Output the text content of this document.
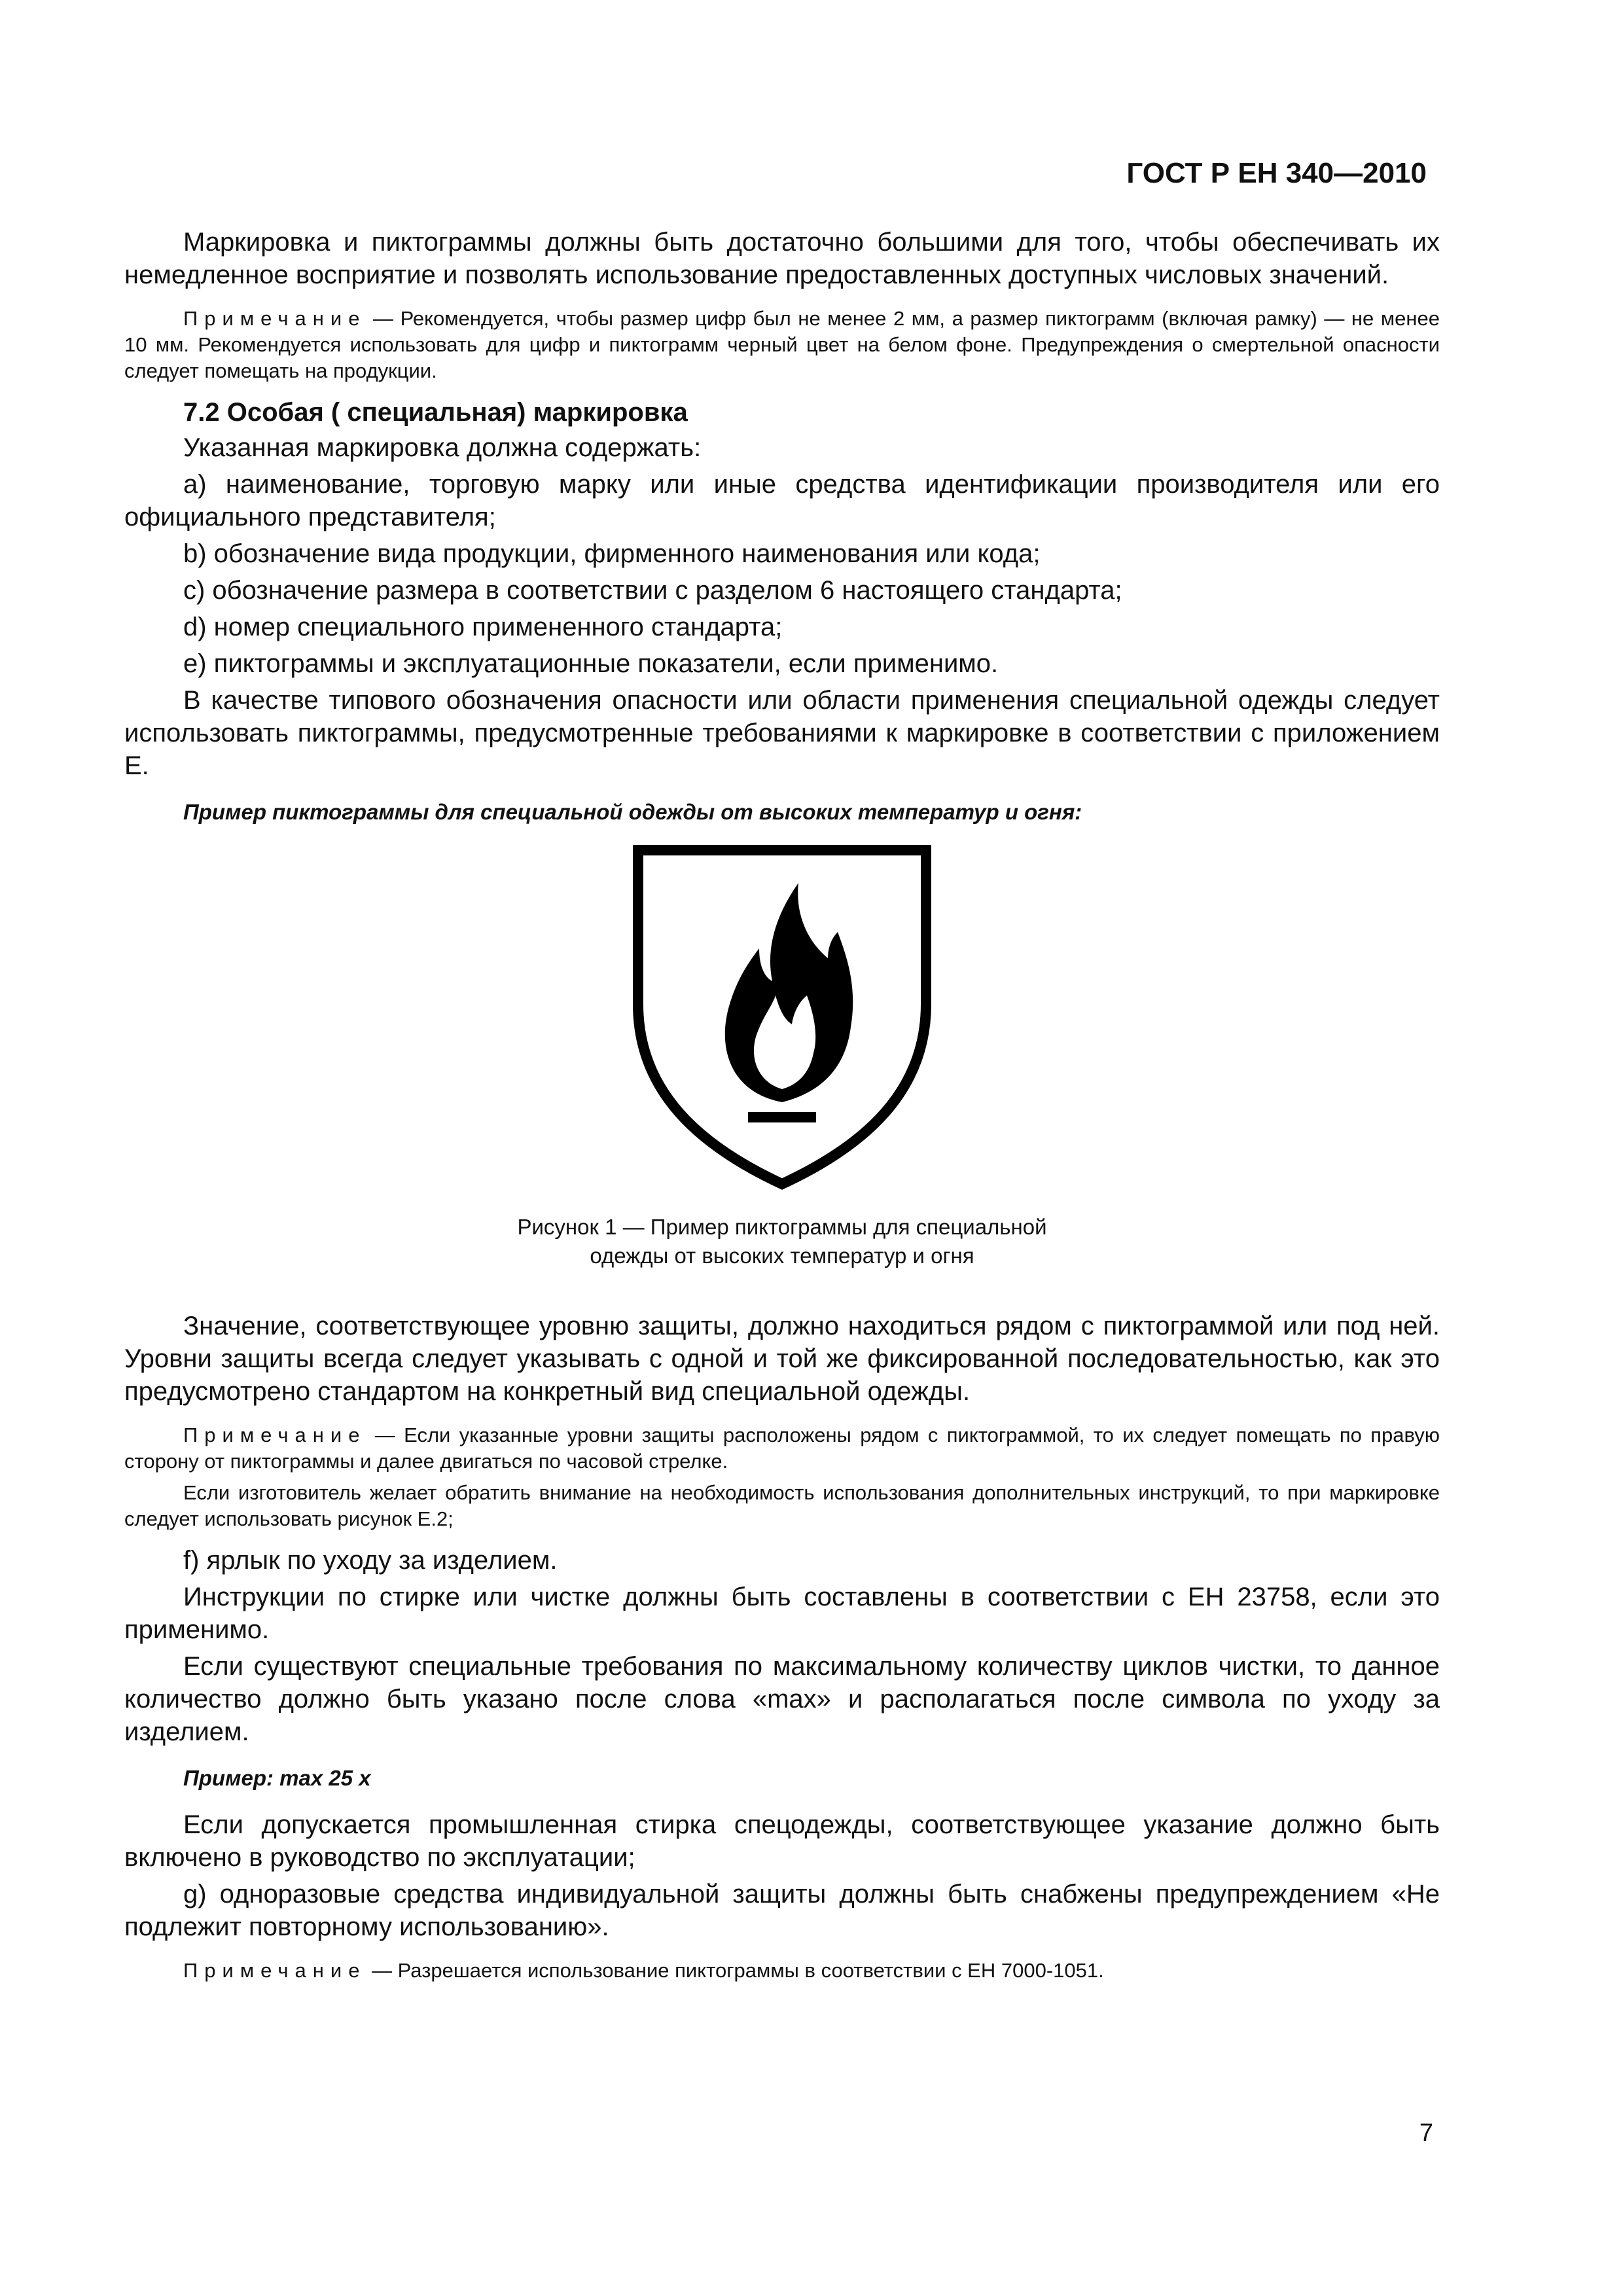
ГОСТ Р ЕН 340—2010

Маркировка и пиктограммы должны быть достаточно большими для того, чтобы обеспечивать их немедленное восприятие и позволять использование предоставленных доступных числовых значений.

Примечание — Рекомендуется, чтобы размер цифр был не менее 2 мм, а размер пиктограмм (включая рамку) — не менее 10 мм. Рекомендуется использовать для цифр и пиктограмм черный цвет на белом фоне. Предупреждения о смертельной опасности следует помещать на продукции.

7.2 Особая ( специальная) маркировка

Указанная маркировка должна содержать:

a) наименование, торговую марку или иные средства идентификации производителя или его официального представителя;

b) обозначение вида продукции, фирменного наименования или кода;

c) обозначение размера в соответствии с разделом 6 настоящего стандарта;

d) номер специального примененного стандарта;

e) пиктограммы и эксплуатационные показатели, если применимо.

В качестве типового обозначения опасности или области применения специальной одежды следует использовать пиктограммы, предусмотренные требованиями к маркировке в соответствии с приложением Е.

Пример пиктограммы для специальной одежды от высоких температур и огня:

Рисунок 1 — Пример пиктограммы для специальной
одежды от высоких температур и огня

Значение, соответствующее уровню защиты, должно находиться рядом с пиктограммой или под ней. Уровни защиты всегда следует указывать с одной и той же фиксированной последовательностью, как это предусмотрено стандартом на конкретный вид специальной одежды.

Примечание — Если указанные уровни защиты расположены рядом с пиктограммой, то их следует помещать по правую сторону от пиктограммы и далее двигаться по часовой стрелке.

Если изготовитель желает обратить внимание на необходимость использования дополнительных инструкций, то при маркировке следует использовать рисунок Е.2;

f) ярлык по уходу за изделием.

Инструкции по стирке или чистке должны быть составлены в соответствии с ЕН 23758, если это применимо.

Если существуют специальные требования по максимальному количеству циклов чистки, то данное количество должно быть указано после слова «max» и располагаться после символа по уходу за изделием.

Пример: max 25 x

Если допускается промышленная стирка спецодежды, соответствующее указание должно быть включено в руководство по эксплуатации;

g) одноразовые средства индивидуальной защиты должны быть снабжены предупреждением «Не подлежит повторному использованию».

Примечание — Разрешается использование пиктограммы в соответствии с ЕН 7000-1051.

7
